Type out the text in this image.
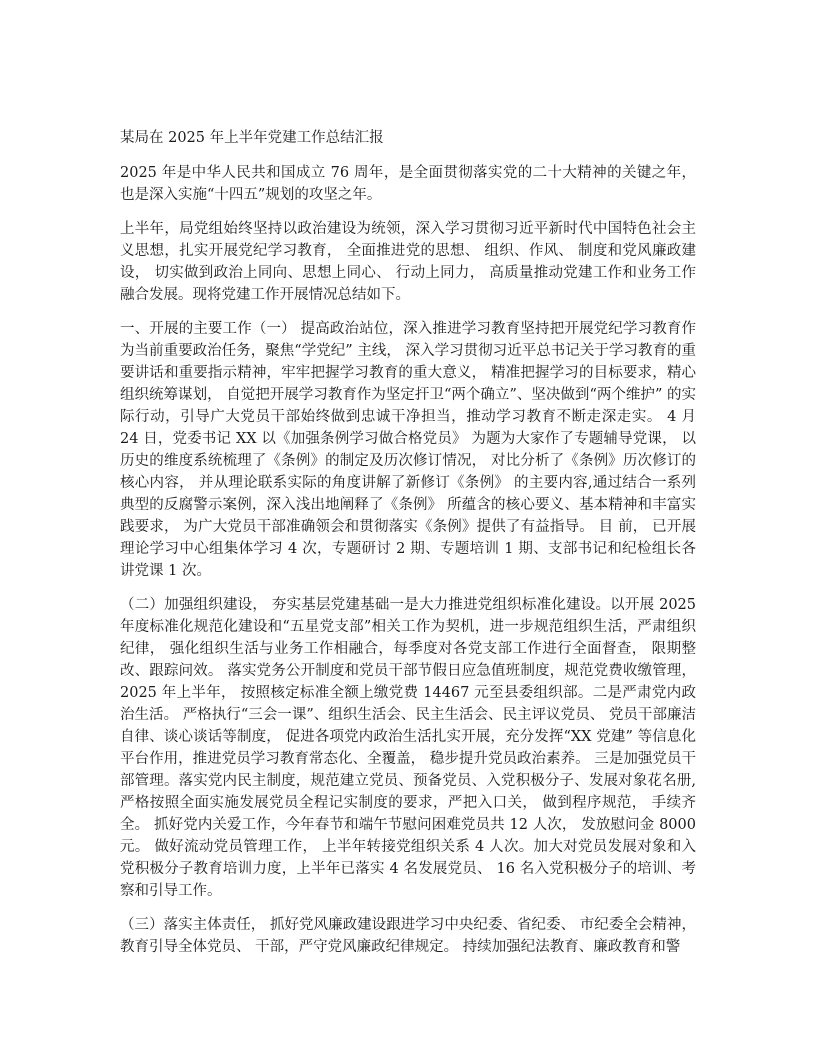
某局在 2025 年上半年党建工作总结汇报

2025 年是中华人民共和国成立 76 周年，是全面贯彻落实党的二十大精神的关键之年，也是深入实施“十四五”规划的攻坚之年。

上半年，局党组始终坚持以政治建设为统领，深入学习贯彻习近平新时代中国特色社会主义思想，扎实开展党纪学习教育， 全面推进党的思想、 组织、作风、 制度和党风廉政建设， 切实做到政治上同向、思想上同心、 行动上同力， 高质量推动党建工作和业务工作融合发展。现将党建工作开展情况总结如下。

一、开展的主要工作（一） 提高政治站位，深入推进学习教育坚持把开展党纪学习教育作为当前重要政治任务，聚焦“学党纪” 主线， 深入学习贯彻习近平总书记关于学习教育的重要讲话和重要指示精神，牢牢把握学习教育的重大意义， 精准把握学习的目标要求，精心组织统筹谋划， 自觉把开展学习教育作为坚定扞卫“两个确立”、坚决做到“两个维护” 的实际行动，引导广大党员干部始终做到忠诚干净担当，推动学习教育不断走深走实。 4 月 24 日，党委书记 XX 以《加强条例学习做合格党员》 为题为大家作了专题辅导党课， 以历史的维度系统梳理了《条例》的制定及历次修订情况， 对比分析了《条例》历次修订的核心内容， 并从理论联系实际的角度讲解了新修订《条例》 的主要内容,通过结合一系列典型的反腐警示案例，深入浅出地阐释了《条例》 所蕴含的核心要义、基本精神和丰富实践要求， 为广大党员干部准确领会和贯彻落实《条例》提供了有益指导。 目 前， 已开展理论学习中心组集体学习 4 次，专题研讨 2 期、专题培训 1 期、支部书记和纪检组长各讲党课 1 次。

（二）加强组织建设， 夯实基层党建基础一是大力推进党组织标准化建设。以开展 2025 年度标准化规范化建设和“五星党支部”相关工作为契机，进一步规范组织生活，严肃组织纪律， 强化组织生活与业务工作相融合，每季度对各党支部工作进行全面督查， 限期整改、跟踪问效。 落实党务公开制度和党员干部节假日应急值班制度，规范党费收缴管理，2025 年上半年， 按照核定标准全额上缴党费 14467 元至县委组织部。二是严肃党内政治生活。 严格执行“三会一课”、组织生活会、民主生活会、民主评议党员、 党员干部廉洁自律、谈心谈话等制度， 促进各项党内政治生活扎实开展，充分发挥“XX 党建” 等信息化平台作用，推进党员学习教育常态化、全覆盖， 稳步提升党员政治素养。 三是加强党员干部管理。落实党内民主制度，规范建立党员、预备党员、入党积极分子、发展对象花名册,严格按照全面实施发展党员全程记实制度的要求，严把入口关， 做到程序规范， 手续齐全。 抓好党内关爱工作，今年春节和端午节慰问困难党员共 12 人次， 发放慰问金 8000 元。 做好流动党员管理工作， 上半年转接党组织关系 4 人次。加大对党员发展对象和入党积极分子教育培训力度，上半年已落实 4 名发展党员、 16 名入党积极分子的培训、考察和引导工作。

（三）落实主体责任， 抓好党风廉政建设跟进学习中央纪委、省纪委、 市纪委全会精神，教育引导全体党员、 干部，严守党风廉政纪律规定。 持续加强纪法教育、廉政教育和警
